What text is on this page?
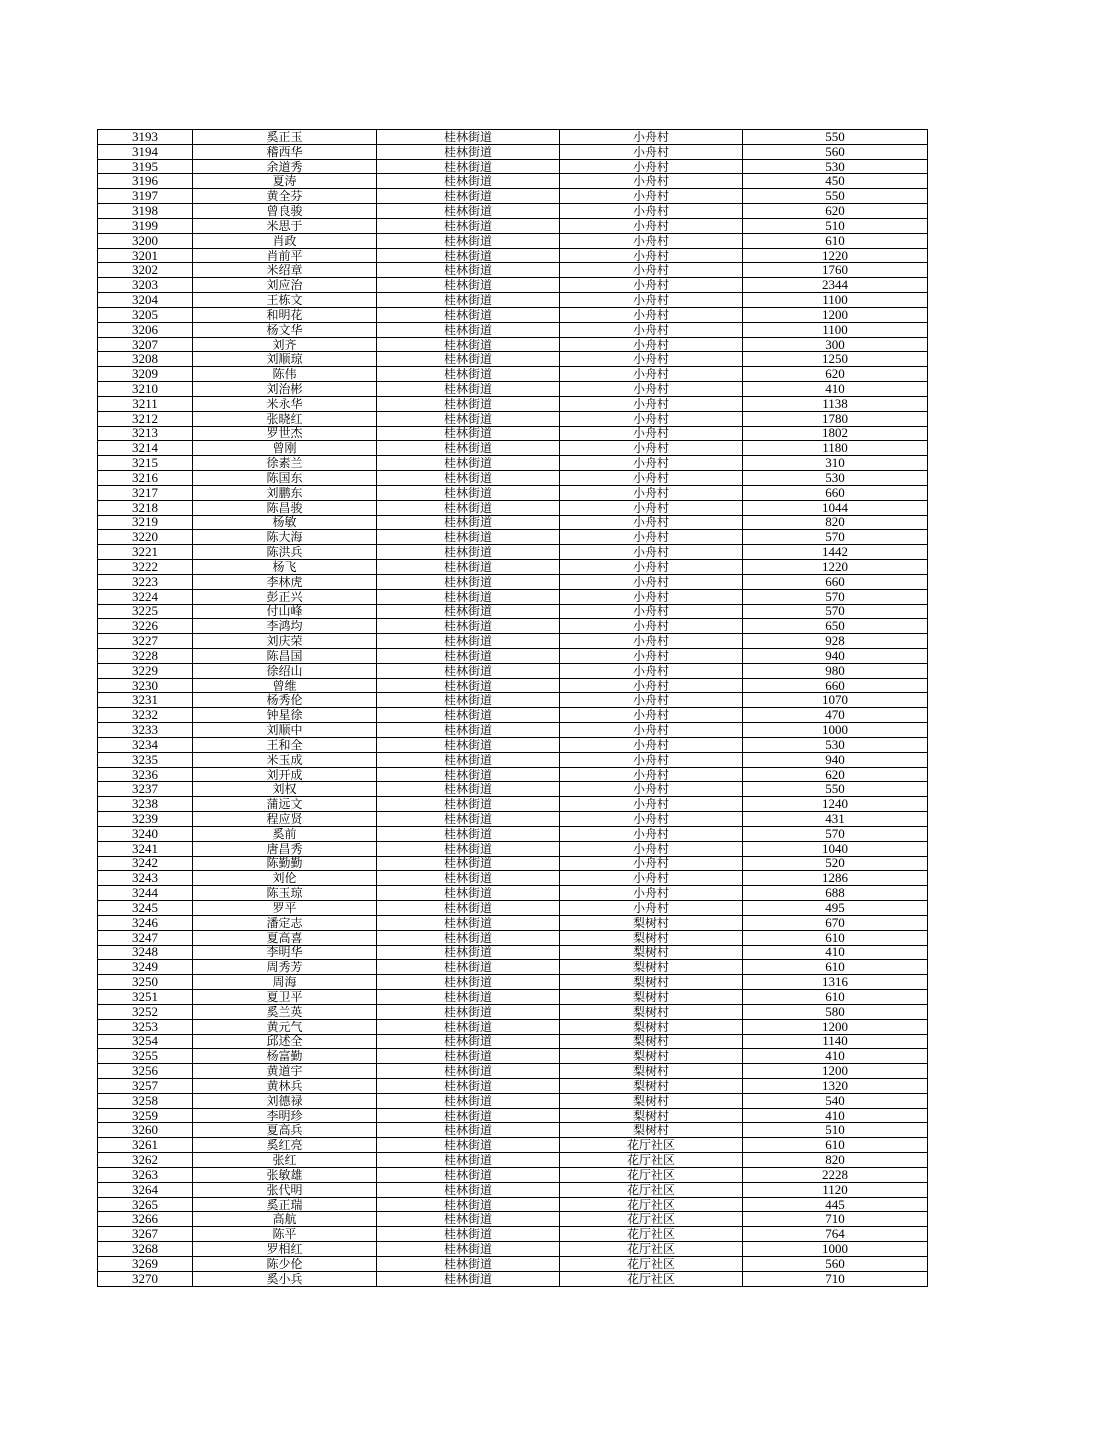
3193	奚正玉	桂林街道	小舟村	550
3194	稽西华	桂林街道	小舟村	560
3195	余道秀	桂林街道	小舟村	530
3196	夏涛	桂林街道	小舟村	450
3197	黄全芬	桂林街道	小舟村	550
3198	曾良骏	桂林街道	小舟村	620
3199	米思于	桂林街道	小舟村	510
3200	肖政	桂林街道	小舟村	610
3201	肖前平	桂林街道	小舟村	1220
3202	米绍章	桂林街道	小舟村	1760
3203	刘应治	桂林街道	小舟村	2344
3204	王栋文	桂林街道	小舟村	1100
3205	和明花	桂林街道	小舟村	1200
3206	杨文华	桂林街道	小舟村	1100
3207	刘齐	桂林街道	小舟村	300
3208	刘顺琼	桂林街道	小舟村	1250
3209	陈伟	桂林街道	小舟村	620
3210	刘治彬	桂林街道	小舟村	410
3211	米永华	桂林街道	小舟村	1138
3212	张晓红	桂林街道	小舟村	1780
3213	罗世杰	桂林街道	小舟村	1802
3214	曾刚	桂林街道	小舟村	1180
3215	徐素兰	桂林街道	小舟村	310
3216	陈国东	桂林街道	小舟村	530
3217	刘鹏东	桂林街道	小舟村	660
3218	陈昌骏	桂林街道	小舟村	1044
3219	杨敏	桂林街道	小舟村	820
3220	陈大海	桂林街道	小舟村	570
3221	陈洪兵	桂林街道	小舟村	1442
3222	杨飞	桂林街道	小舟村	1220
3223	李林虎	桂林街道	小舟村	660
3224	彭正兴	桂林街道	小舟村	570
3225	付山峰	桂林街道	小舟村	570
3226	李鸿均	桂林街道	小舟村	650
3227	刘庆荣	桂林街道	小舟村	928
3228	陈昌国	桂林街道	小舟村	940
3229	徐绍山	桂林街道	小舟村	980
3230	曾维	桂林街道	小舟村	660
3231	杨秀伦	桂林街道	小舟村	1070
3232	钟星徐	桂林街道	小舟村	470
3233	刘顺中	桂林街道	小舟村	1000
3234	王和全	桂林街道	小舟村	530
3235	米玉成	桂林街道	小舟村	940
3236	刘开成	桂林街道	小舟村	620
3237	刘权	桂林街道	小舟村	550
3238	蒲远文	桂林街道	小舟村	1240
3239	程应贤	桂林街道	小舟村	431
3240	奚前	桂林街道	小舟村	570
3241	唐昌秀	桂林街道	小舟村	1040
3242	陈勤勤	桂林街道	小舟村	520
3243	刘伦	桂林街道	小舟村	1286
3244	陈玉琼	桂林街道	小舟村	688
3245	罗平	桂林街道	小舟村	495
3246	潘定志	桂林街道	梨树村	670
3247	夏高喜	桂林街道	梨树村	610
3248	李明华	桂林街道	梨树村	410
3249	周秀芳	桂林街道	梨树村	610
3250	周海	桂林街道	梨树村	1316
3251	夏卫平	桂林街道	梨树村	610
3252	奚兰英	桂林街道	梨树村	580
3253	黄元气	桂林街道	梨树村	1200
3254	邱述全	桂林街道	梨树村	1140
3255	杨富勤	桂林街道	梨树村	410
3256	黄道宇	桂林街道	梨树村	1200
3257	黄林兵	桂林街道	梨树村	1320
3258	刘德禄	桂林街道	梨树村	540
3259	李明珍	桂林街道	梨树村	410
3260	夏高兵	桂林街道	梨树村	510
3261	奚红亮	桂林街道	花厅社区	610
3262	张红	桂林街道	花厅社区	820
3263	张敏雄	桂林街道	花厅社区	2228
3264	张代明	桂林街道	花厅社区	1120
3265	奚正瑞	桂林街道	花厅社区	445
3266	高航	桂林街道	花厅社区	710
3267	陈平	桂林街道	花厅社区	764
3268	罗相红	桂林街道	花厅社区	1000
3269	陈少伦	桂林街道	花厅社区	560
3270	奚小兵	桂林街道	花厅社区	710
